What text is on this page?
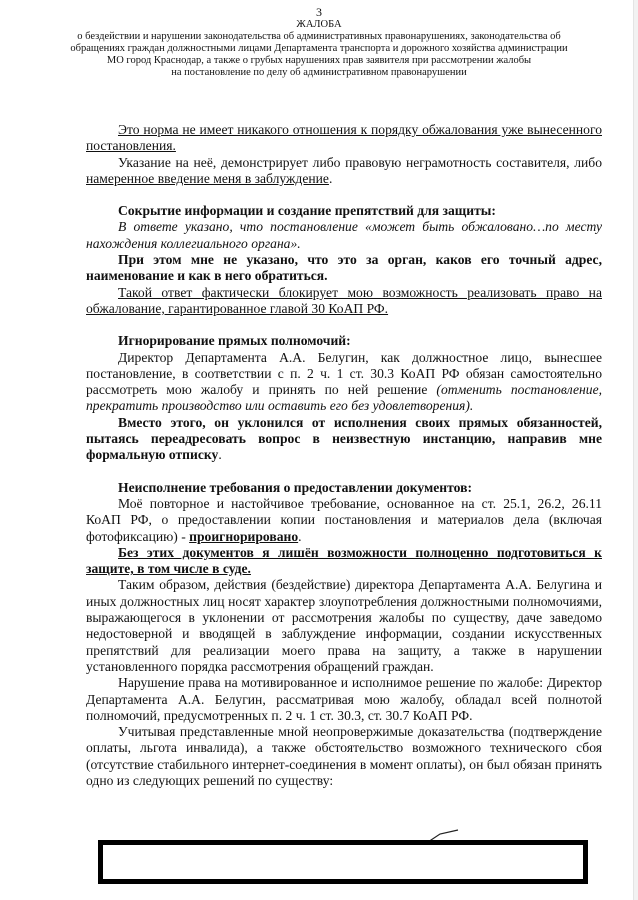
3
ЖАЛОБА
о бездействии и нарушении законодательства об административных правонарушениях, законодательства об
обращениях граждан должностными лицами Департамента транспорта и дорожного хозяйства администрации
МО город Краснодар, а также о грубых нарушениях прав заявителя при рассмотрении жалобы
на постановление по делу об административном правонарушении

Это норма не имеет никакого отношения к порядку обжалования уже вынесенного постановления.

Указание на неё, демонстрирует либо правовую неграмотность составителя, либо намеренное введение меня в заблуждение.

Сокрытие информации и создание препятствий для защиты:

В ответе указано, что постановление «может быть обжаловано…по месту нахождения коллегиального органа».

При этом мне не указано, что это за орган, каков его точный адрес, наименование и как в него обратиться.

Такой ответ фактически блокирует мою возможность реализовать право на обжалование, гарантированное главой 30 КоАП РФ.

Игнорирование прямых полномочий:

Директор Департамента А.А. Белугин, как должностное лицо, вынесшее постановление, в соответствии с п. 2 ч. 1 ст. 30.3 КоАП РФ обязан самостоятельно рассмотреть мою жалобу и принять по ней решение (отменить постановление, прекратить производство или оставить его без удовлетворения).

Вместо этого, он уклонился от исполнения своих прямых обязанностей, пытаясь переадресовать вопрос в неизвестную инстанцию, направив мне формальную отписку.

Неисполнение требования о предоставлении документов:

Моё повторное и настойчивое требование, основанное на ст. 25.1, 26.2, 26.11 КоАП РФ, о предоставлении копии постановления и материалов дела (включая фотофиксацию) - проигнорировано.

Без этих документов я лишён возможности полноценно подготовиться к защите, в том числе в суде.

Таким образом, действия (бездействие) директора Департамента А.А. Белугина и иных должностных лиц носят характер злоупотребления должностными полномочиями, выражающегося в уклонении от рассмотрения жалобы по существу, даче заведомо недостоверной и вводящей в заблуждение информации, создании искусственных препятствий для реализации моего права на защиту, а также в нарушении установленного порядка рассмотрения обращений граждан.

Нарушение права на мотивированное и исполнимое решение по жалобе: Директор Департамента А.А. Белугин, рассматривая мою жалобу, обладал всей полнотой полномочий, предусмотренных п. 2 ч. 1 ст. 30.3, ст. 30.7 КоАП РФ.

Учитывая представленные мной неопровержимые доказательства (подтверждение оплаты, льгота инвалида), а также обстоятельство возможного технического сбоя (отсутствие стабильного интернет-соединения в момент оплаты), он был обязан принять одно из следующих решений по существу:
